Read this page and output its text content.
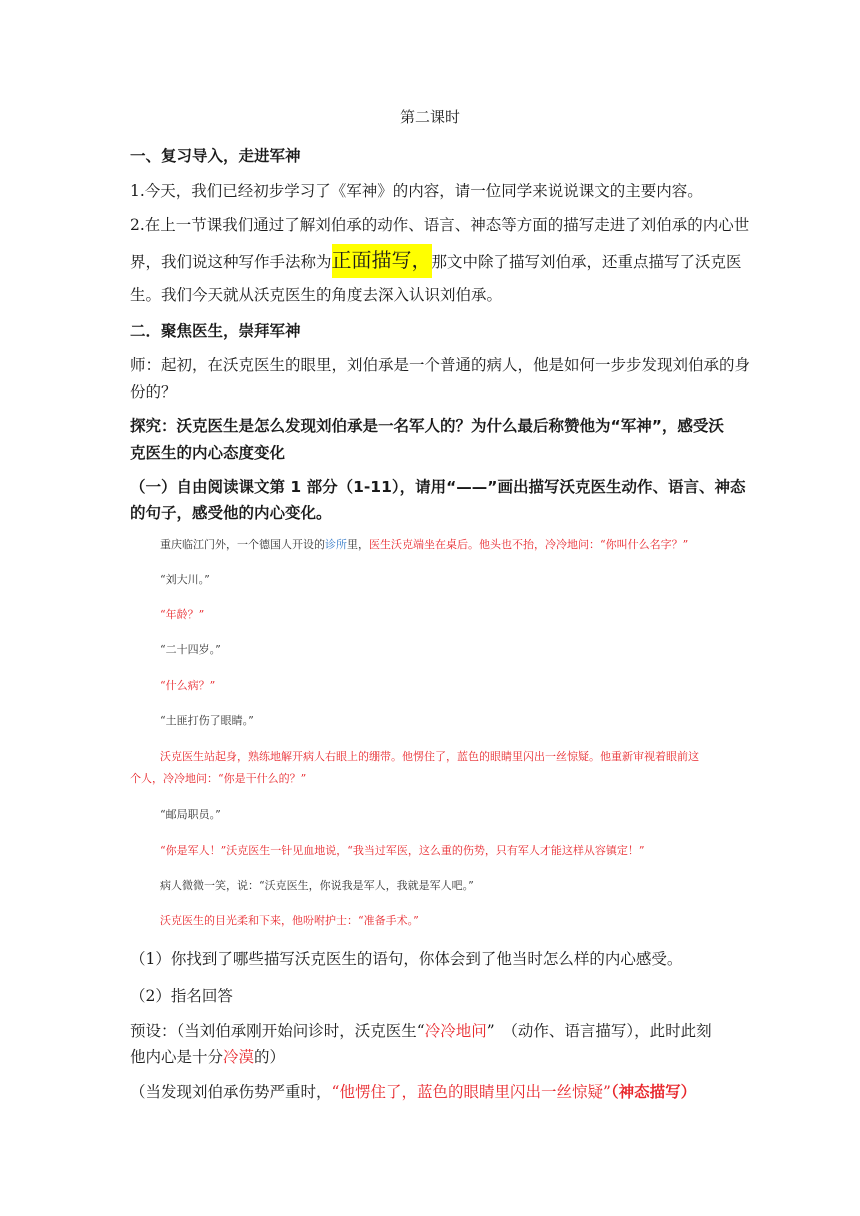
第二课时
一、复习导入，走进军神
1.今天，我们已经初步学习了《军神》的内容，请一位同学来说说课文的主要内容。
2.在上一节课我们通过了解刘伯承的动作、语言、神态等方面的描写走进了刘伯承的内心世
界，我们说这种写作手法称为正面描写，那文中除了描写刘伯承，还重点描写了沃克医
生。我们今天就从沃克医生的角度去深入认识刘伯承。
二．聚焦医生，崇拜军神
师：起初，在沃克医生的眼里，刘伯承是一个普通的病人，他是如何一步步发现刘伯承的身
份的？
探究：沃克医生是怎么发现刘伯承是一名军人的？为什么最后称赞他为“军神”，感受沃
克医生的内心态度变化
（一）自由阅读课文第 1 部分（1-11），请用“——”画出描写沃克医生动作、语言、神态
的句子，感受他的内心变化。
重庆临江门外，一个德国人开设的诊所里，医生沃克端坐在桌后。他头也不抬，冷冷地问：“你叫什么名字？”
“刘大川。”
“年龄？”
“二十四岁。”
“什么病？”
“土匪打伤了眼睛。”
沃克医生站起身，熟练地解开病人右眼上的绷带。他愣住了，蓝色的眼睛里闪出一丝惊疑。他重新审视着眼前这
个人，冷冷地问：“你是干什么的？”
“邮局职员。”
“你是军人！”沃克医生一针见血地说，“我当过军医，这么重的伤势，只有军人才能这样从容镇定！”
病人微微一笑，说：“沃克医生，你说我是军人，我就是军人吧。”
沃克医生的目光柔和下来，他吩咐护士：“准备手术。”
（1）你找到了哪些描写沃克医生的语句，你体会到了他当时怎么样的内心感受。
（2）指名回答
预设：（当刘伯承刚开始问诊时，沃克医生“冷冷地问”　（动作、语言描写），此时此刻
他内心是十分冷漠的）
（当发现刘伯承伤势严重时，“他愣住了，蓝色的眼睛里闪出一丝惊疑”（神态描写）
